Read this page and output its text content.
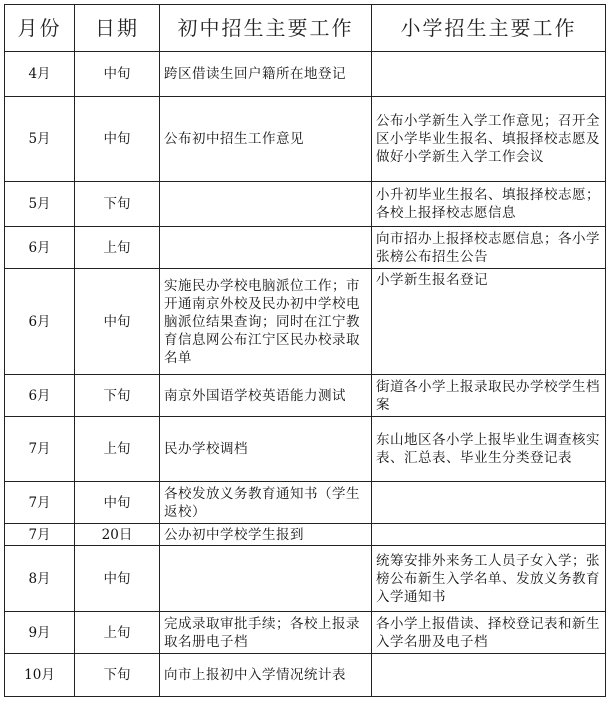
月份	日期	初中招生主要工作	小学招生主要工作
4月	中旬	跨区借读生回户籍所在地登记	
5月	中旬	公布初中招生工作意见	公布小学新生入学工作意见；召开全区小学毕业生报名、填报择校志愿及做好小学新生入学工作会议
5月	下旬		小升初毕业生报名、填报择校志愿；各校上报择校志愿信息
6月	上旬		向市招办上报择校志愿信息；各小学张榜公布招生公告
6月	中旬	实施民办学校电脑派位工作；市开通南京外校及民办初中学校电脑派位结果查询；同时在江宁教育信息网公布江宁区民办校录取名单	小学新生报名登记
6月	下旬	南京外国语学校英语能力测试	街道各小学上报录取民办学校学生档案
7月	上旬	民办学校调档	东山地区各小学上报毕业生调查核实表、汇总表、毕业生分类登记表
7月	中旬	各校发放义务教育通知书（学生返校）	
7月	20日	公办初中学校学生报到	
8月	中旬		统筹安排外来务工人员子女入学；张榜公布新生入学名单、发放义务教育入学通知书
9月	上旬	完成录取审批手续；各校上报录取名册电子档	各小学上报借读、择校登记表和新生入学名册及电子档
10月	下旬	向市上报初中入学情况统计表	
